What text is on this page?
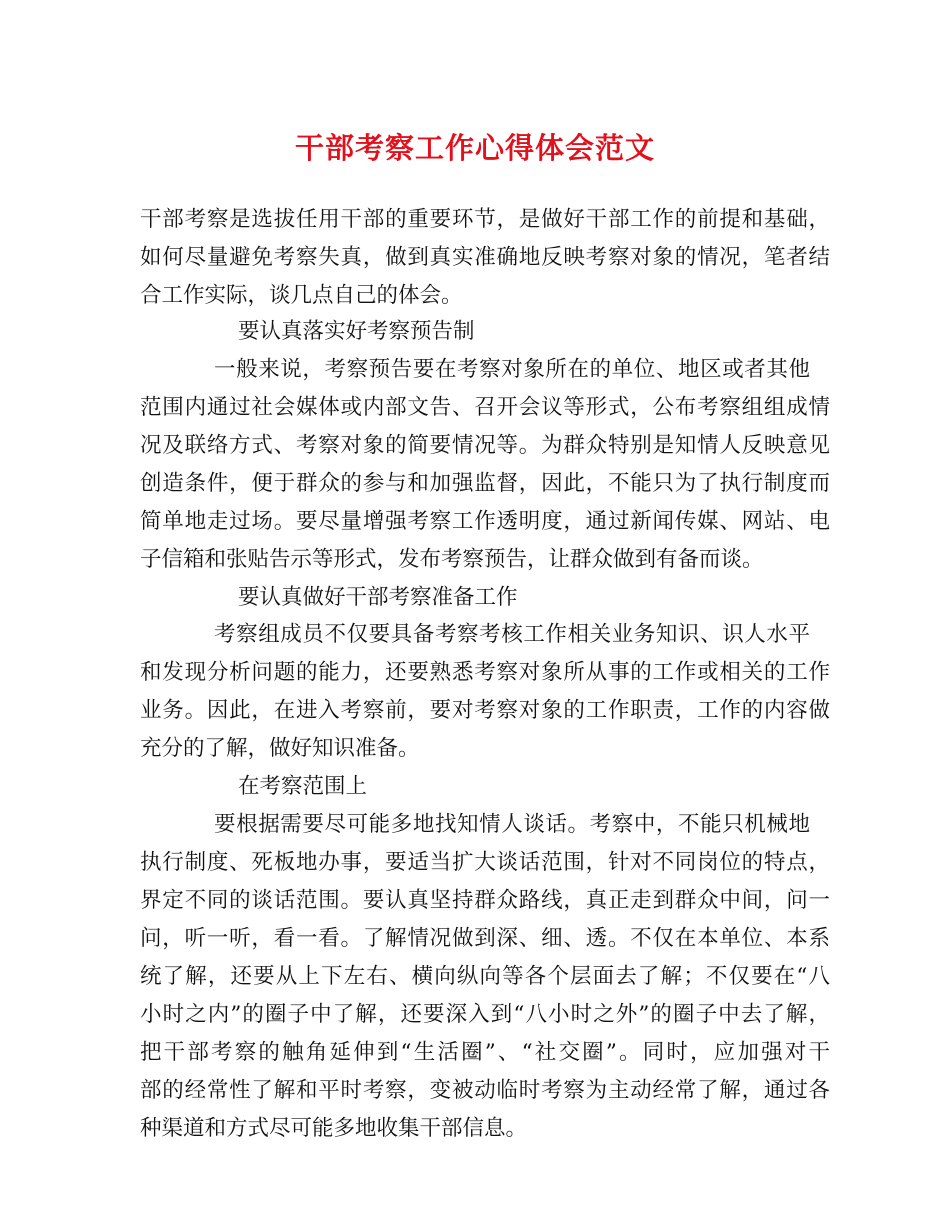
干部考察工作心得体会范文
干部考察是选拔任用干部的重要环节，是做好干部工作的前提和基础，
如何尽量避免考察失真，做到真实准确地反映考察对象的情况，笔者结
合工作实际，谈几点自己的体会。
要认真落实好考察预告制
一般来说，考察预告要在考察对象所在的单位、地区或者其他
范围内通过社会媒体或内部文告、召开会议等形式，公布考察组组成情
况及联络方式、考察对象的简要情况等。为群众特别是知情人反映意见
创造条件，便于群众的参与和加强监督，因此，不能只为了执行制度而
简单地走过场。要尽量增强考察工作透明度，通过新闻传媒、网站、电
子信箱和张贴告示等形式，发布考察预告，让群众做到有备而谈。
要认真做好干部考察准备工作
考察组成员不仅要具备考察考核工作相关业务知识、识人水平
和发现分析问题的能力，还要熟悉考察对象所从事的工作或相关的工作
业务。因此，在进入考察前，要对考察对象的工作职责，工作的内容做
充分的了解，做好知识准备。
在考察范围上
要根据需要尽可能多地找知情人谈话。考察中，不能只机械地
执行制度、死板地办事，要适当扩大谈话范围，针对不同岗位的特点，
界定不同的谈话范围。要认真坚持群众路线，真正走到群众中间，问一
问，听一听，看一看。了解情况做到深、细、透。不仅在本单位、本系
统了解，还要从上下左右、横向纵向等各个层面去了解；不仅要在“八
小时之内”的圈子中了解，还要深入到“八小时之外”的圈子中去了解，
把干部考察的触角延伸到“生活圈”、“社交圈”。同时，应加强对干
部的经常性了解和平时考察，变被动临时考察为主动经常了解，通过各
种渠道和方式尽可能多地收集干部信息。
